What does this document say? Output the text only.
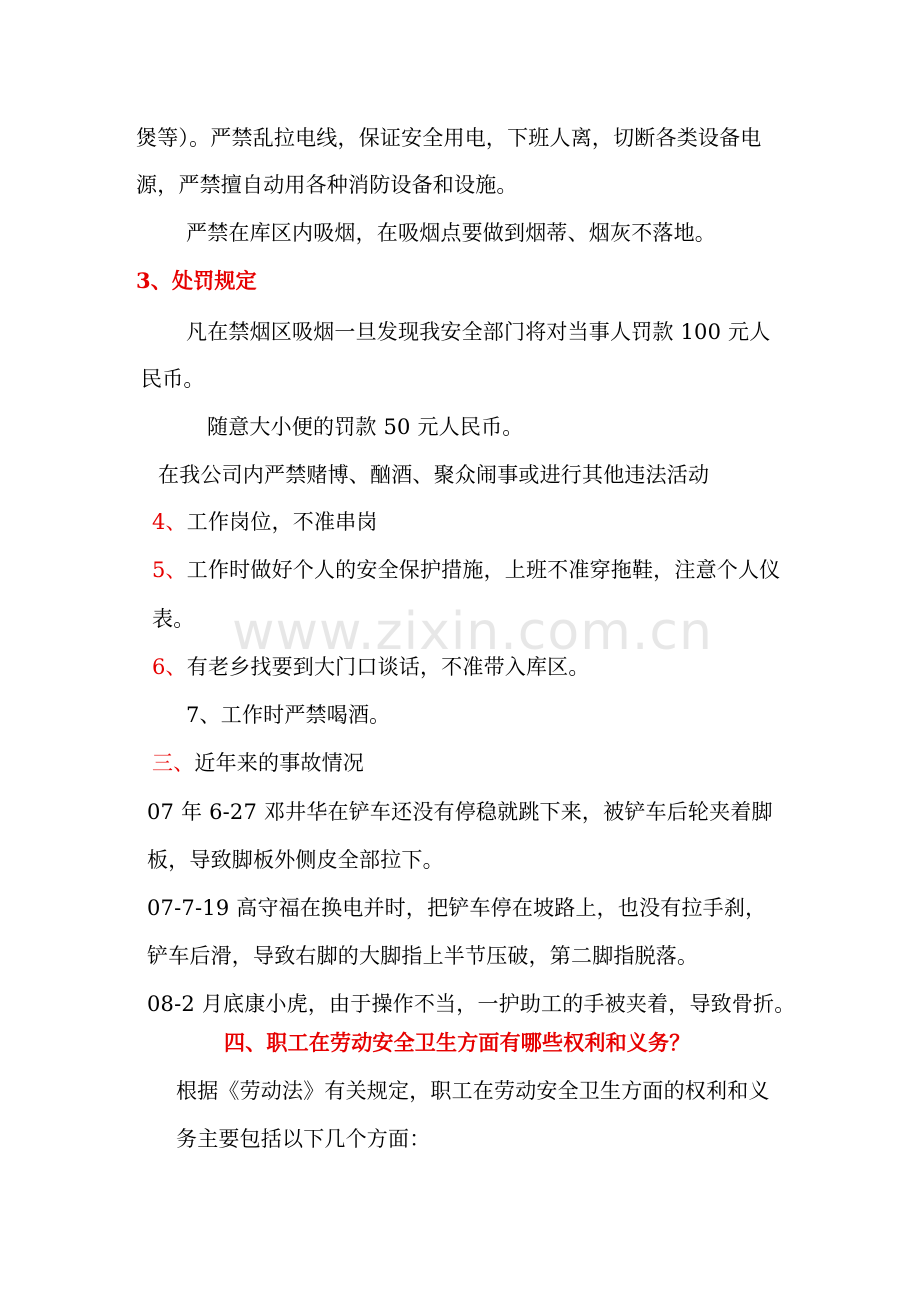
煲等）。严禁乱拉电线，保证安全用电，下班人离，切断各类设备电
源，严禁擅自动用各种消防设备和设施。
严禁在库区内吸烟，在吸烟点要做到烟蒂、烟灰不落地。
3、处罚规定
凡在禁烟区吸烟一旦发现我安全部门将对当事人罚款 100 元人
民币。
随意大小便的罚款 50 元人民币。
在我公司内严禁赌博、酗酒、聚众闹事或进行其他违法活动
4、工作岗位，不准串岗
5、工作时做好个人的安全保护措施，上班不准穿拖鞋，注意个人仪
表。
6、有老乡找要到大门口谈话，不准带入库区。
7、工作时严禁喝酒。
三、近年来的事故情况
07 年 6-27 邓井华在铲车还没有停稳就跳下来，被铲车后轮夹着脚
板，导致脚板外侧皮全部拉下。
07-7-19 高守福在换电并时，把铲车停在坡路上，也没有拉手刹，
铲车后滑，导致右脚的大脚指上半节压破，第二脚指脱落。
08-2 月底康小虎，由于操作不当，一护助工的手被夹着，导致骨折。
四、职工在劳动安全卫生方面有哪些权利和义务？
根据《劳动法》有关规定，职工在劳动安全卫生方面的权利和义
务主要包括以下几个方面：
www.zixin.com.cn
